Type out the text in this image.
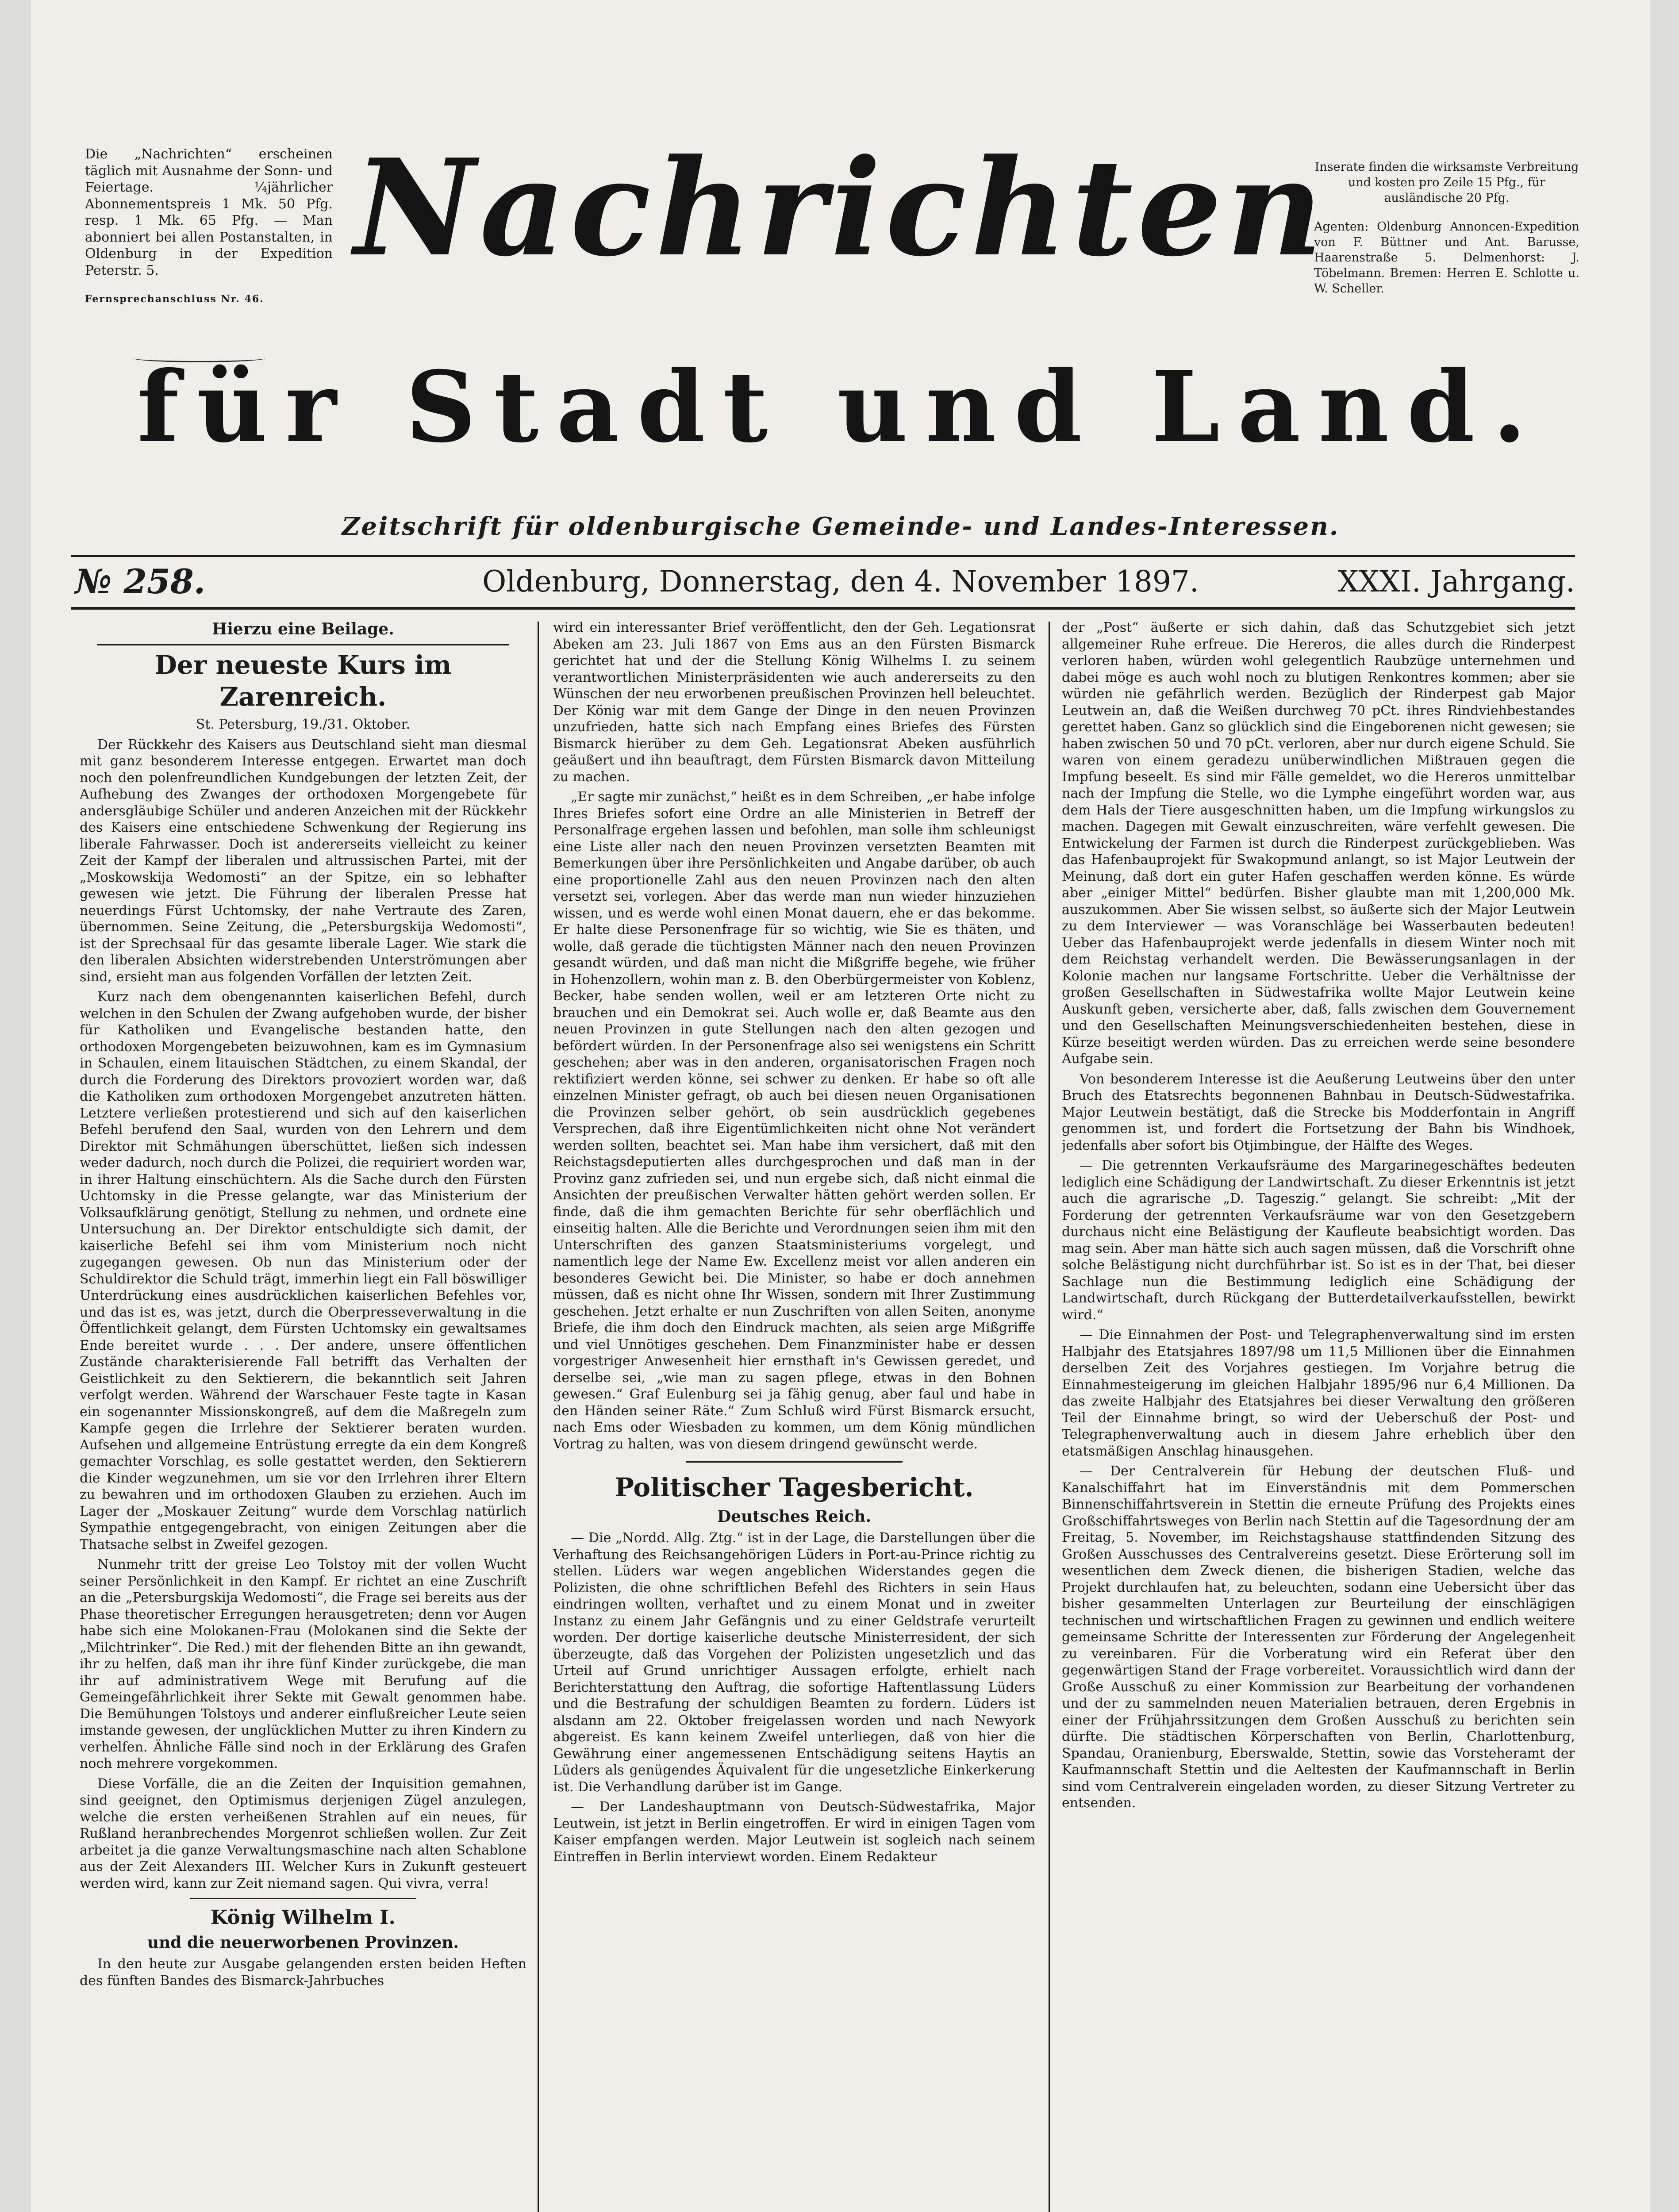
Die „Nachrichten“ erscheinen täglich mit Ausnahme der Sonn- und Feiertage. ¼jährlicher Abonnementspreis 1 Mk. 50 Pfg. resp. 1 Mk. 65 Pfg. — Man abonniert bei allen Postanstalten, in Oldenburg in der Expedition Peterstr. 5.

Fernsprechanschluss Nr. 46.

Inserate finden die wirksamste Verbreitung und kosten pro Zeile 15 Pfg., für ausländische 20 Pfg.

Agenten: Oldenburg Annoncen-Expedition von F. Büttner und Ant. Barusse, Haarenstraße 5. Delmenhorst: J. Töbelmann. Bremen: Herren E. Schlotte u. W. Scheller.

Nachrichten
für Stadt und Land.
Zeitschrift für oldenburgische Gemeinde- und Landes-Interessen.
№ 258.	Oldenburg, Donnerstag, den 4. November 1897.	XXXI. Jahrgang.
Hierzu eine Beilage.
Der neueste Kurs im Zarenreich.

St. Petersburg, 19./31. Oktober.

Der Rückkehr des Kaisers aus Deutschland sieht man diesmal mit ganz besonderem Interesse entgegen. Erwartet man doch noch den polenfreundlichen Kundgebungen der letzten Zeit, der Aufhebung des Zwanges der orthodoxen Morgengebete für andersgläubige Schüler und anderen Anzeichen mit der Rückkehr des Kaisers eine entschiedene Schwenkung der Regierung ins liberale Fahrwasser. Doch ist andererseits vielleicht zu keiner Zeit der Kampf der liberalen und altrussischen Partei, mit der „Moskowskija Wedomosti“ an der Spitze, ein so lebhafter gewesen wie jetzt. Die Führung der liberalen Presse hat neuerdings Fürst Uchtomsky, der nahe Vertraute des Zaren, übernommen. Seine Zeitung, die „Petersburgskija Wedomosti“, ist der Sprechsaal für das gesamte liberale Lager. Wie stark die den liberalen Absichten widerstrebenden Unterströmungen aber sind, ersieht man aus folgenden Vorfällen der letzten Zeit.

Kurz nach dem obengenannten kaiserlichen Befehl, durch welchen in den Schulen der Zwang aufgehoben wurde, der bisher für Katholiken und Evangelische bestanden hatte, den orthodoxen Morgengebeten beizuwohnen, kam es im Gymnasium in Schaulen, einem litauischen Städtchen, zu einem Skandal, der durch die Forderung des Direktors provoziert worden war, daß die Katholiken zum orthodoxen Morgengebet anzutreten hätten. Letztere verließen protestierend und sich auf den kaiserlichen Befehl berufend den Saal, wurden von den Lehrern und dem Direktor mit Schmähungen überschüttet, ließen sich indessen weder dadurch, noch durch die Polizei, die requiriert worden war, in ihrer Haltung einschüchtern. Als die Sache durch den Fürsten Uchtomsky in die Presse gelangte, war das Ministerium der Volksaufklärung genötigt, Stellung zu nehmen, und ordnete eine Untersuchung an. Der Direktor entschuldigte sich damit, der kaiserliche Befehl sei ihm vom Ministerium noch nicht zugegangen gewesen. Ob nun das Ministerium oder der Schuldirektor die Schuld trägt, immerhin liegt ein Fall böswilliger Unterdrückung eines ausdrücklichen kaiserlichen Befehles vor, und das ist es, was jetzt, durch die Oberpresseverwaltung in die Öffentlichkeit gelangt, dem Fürsten Uchtomsky ein gewaltsames Ende bereitet wurde . . . Der andere, unsere öffentlichen Zustände charakterisierende Fall betrifft das Verhalten der Geistlichkeit zu den Sektierern, die bekanntlich seit Jahren verfolgt werden. Während der Warschauer Feste tagte in Kasan ein sogenannter Missionskongreß, auf dem die Maßregeln zum Kampfe gegen die Irrlehre der Sektierer beraten wurden. Aufsehen und allgemeine Entrüstung erregte da ein dem Kongreß gemachter Vorschlag, es solle gestattet werden, den Sektierern die Kinder wegzunehmen, um sie vor den Irrlehren ihrer Eltern zu bewahren und im orthodoxen Glauben zu erziehen. Auch im Lager der „Moskauer Zeitung“ wurde dem Vorschlag natürlich Sympathie entgegengebracht, von einigen Zeitungen aber die Thatsache selbst in Zweifel gezogen.

Nunmehr tritt der greise Leo Tolstoy mit der vollen Wucht seiner Persönlichkeit in den Kampf. Er richtet an eine Zuschrift an die „Petersburgskija Wedomosti“, die Frage sei bereits aus der Phase theoretischer Erregungen herausgetreten; denn vor Augen habe sich eine Molokanen-Frau (Molokanen sind die Sekte der „Milchtrinker“. Die Red.) mit der flehenden Bitte an ihn gewandt, ihr zu helfen, daß man ihr ihre fünf Kinder zurückgebe, die man ihr auf administrativem Wege mit Berufung auf die Gemeingefährlichkeit ihrer Sekte mit Gewalt genommen habe. Die Bemühungen Tolstoys und anderer einflußreicher Leute seien imstande gewesen, der unglücklichen Mutter zu ihren Kindern zu verhelfen. Ähnliche Fälle sind noch in der Erklärung des Grafen noch mehrere vorgekommen.

Diese Vorfälle, die an die Zeiten der Inquisition gemahnen, sind geeignet, den Optimismus derjenigen Zügel anzulegen, welche die ersten verheißenen Strahlen auf ein neues, für Rußland heranbrechendes Morgenrot schließen wollen. Zur Zeit arbeitet ja die ganze Verwaltungsmaschine nach alten Schablone aus der Zeit Alexanders III. Welcher Kurs in Zukunft gesteuert werden wird, kann zur Zeit niemand sagen. Qui vivra, verra!

König Wilhelm I.
und die neuerworbenen Provinzen.

In den heute zur Ausgabe gelangenden ersten beiden Heften des fünften Bandes des Bismarck-Jahrbuches

wird ein interessanter Brief veröffentlicht, den der Geh. Legationsrat Abeken am 23. Juli 1867 von Ems aus an den Fürsten Bismarck gerichtet hat und der die Stellung König Wilhelms I. zu seinem verantwortlichen Ministerpräsidenten wie auch andererseits zu den Wünschen der neu erworbenen preußischen Provinzen hell beleuchtet. Der König war mit dem Gange der Dinge in den neuen Provinzen unzufrieden, hatte sich nach Empfang eines Briefes des Fürsten Bismarck hierüber zu dem Geh. Legationsrat Abeken ausführlich geäußert und ihn beauftragt, dem Fürsten Bismarck davon Mitteilung zu machen.

„Er sagte mir zunächst,“ heißt es in dem Schreiben, „er habe infolge Ihres Briefes sofort eine Ordre an alle Ministerien in Betreff der Personalfrage ergehen lassen und befohlen, man solle ihm schleunigst eine Liste aller nach den neuen Provinzen versetzten Beamten mit Bemerkungen über ihre Persönlichkeiten und Angabe darüber, ob auch eine proportionelle Zahl aus den neuen Provinzen nach den alten versetzt sei, vorlegen. Aber das werde man nun wieder hinzuziehen wissen, und es werde wohl einen Monat dauern, ehe er das bekomme. Er halte diese Personenfrage für so wichtig, wie Sie es thäten, und wolle, daß gerade die tüchtigsten Männer nach den neuen Provinzen gesandt würden, und daß man nicht die Mißgriffe begehe, wie früher in Hohenzollern, wohin man z. B. den Oberbürgermeister von Koblenz, Becker, habe senden wollen, weil er am letzteren Orte nicht zu brauchen und ein Demokrat sei. Auch wolle er, daß Beamte aus den neuen Provinzen in gute Stellungen nach den alten gezogen und befördert würden. In der Personenfrage also sei wenigstens ein Schritt geschehen; aber was in den anderen, organisatorischen Fragen noch rektifiziert werden könne, sei schwer zu denken. Er habe so oft alle einzelnen Minister gefragt, ob auch bei diesen neuen Organisationen die Provinzen selber gehört, ob sein ausdrücklich gegebenes Versprechen, daß ihre Eigentümlichkeiten nicht ohne Not verändert werden sollten, beachtet sei. Man habe ihm versichert, daß mit den Reichstagsdeputierten alles durchgesprochen und daß man in der Provinz ganz zufrieden sei, und nun ergebe sich, daß nicht einmal die Ansichten der preußischen Verwalter hätten gehört werden sollen. Er finde, daß die ihm gemachten Berichte für sehr oberflächlich und einseitig halten. Alle die Berichte und Verordnungen seien ihm mit den Unterschriften des ganzen Staatsministeriums vorgelegt, und namentlich lege der Name Ew. Excellenz meist vor allen anderen ein besonderes Gewicht bei. Die Minister, so habe er doch annehmen müssen, daß es nicht ohne Ihr Wissen, sondern mit Ihrer Zustimmung geschehen. Jetzt erhalte er nun Zuschriften von allen Seiten, anonyme Briefe, die ihm doch den Eindruck machten, als seien arge Mißgriffe und viel Unnötiges geschehen. Dem Finanzminister habe er dessen vorgestriger Anwesenheit hier ernsthaft in's Gewissen geredet, und derselbe sei, „wie man zu sagen pflege, etwas in den Bohnen gewesen.“ Graf Eulenburg sei ja fähig genug, aber faul und habe in den Händen seiner Räte.“ Zum Schluß wird Fürst Bismarck ersucht, nach Ems oder Wiesbaden zu kommen, um dem König mündlichen Vortrag zu halten, was von diesem dringend gewünscht werde.

Politischer Tagesbericht.
Deutsches Reich.

— Die „Nordd. Allg. Ztg.“ ist in der Lage, die Darstellungen über die Verhaftung des Reichsangehörigen Lüders in Port-au-Prince richtig zu stellen. Lüders war wegen angeblichen Widerstandes gegen die Polizisten, die ohne schriftlichen Befehl des Richters in sein Haus eindringen wollten, verhaftet und zu einem Monat und in zweiter Instanz zu einem Jahr Gefängnis und zu einer Geldstrafe verurteilt worden. Der dortige kaiserliche deutsche Ministerresident, der sich überzeugte, daß das Vorgehen der Polizisten ungesetzlich und das Urteil auf Grund unrichtiger Aussagen erfolgte, erhielt nach Berichterstattung den Auftrag, die sofortige Haftentlassung Lüders und die Bestrafung der schuldigen Beamten zu fordern. Lüders ist alsdann am 22. Oktober freigelassen worden und nach Newyork abgereist. Es kann keinem Zweifel unterliegen, daß von hier die Gewährung einer angemessenen Entschädigung seitens Haytis an Lüders als genügendes Äquivalent für die ungesetzliche Einkerkerung ist. Die Verhandlung darüber ist im Gange.

— Der Landeshauptmann von Deutsch-Südwestafrika, Major Leutwein, ist jetzt in Berlin eingetroffen. Er wird in einigen Tagen vom Kaiser empfangen werden. Major Leutwein ist sogleich nach seinem Eintreffen in Berlin interviewt worden. Einem Redakteur

der „Post“ äußerte er sich dahin, daß das Schutzgebiet sich jetzt allgemeiner Ruhe erfreue. Die Hereros, die alles durch die Rinderpest verloren haben, würden wohl gelegentlich Raubzüge unternehmen und dabei möge es auch wohl noch zu blutigen Renkontres kommen; aber sie würden nie gefährlich werden. Bezüglich der Rinderpest gab Major Leutwein an, daß die Weißen durchweg 70 pCt. ihres Rindviehbestandes gerettet haben. Ganz so glücklich sind die Eingeborenen nicht gewesen; sie haben zwischen 50 und 70 pCt. verloren, aber nur durch eigene Schuld. Sie waren von einem geradezu unüberwindlichen Mißtrauen gegen die Impfung beseelt. Es sind mir Fälle gemeldet, wo die Hereros unmittelbar nach der Impfung die Stelle, wo die Lymphe eingeführt worden war, aus dem Hals der Tiere ausgeschnitten haben, um die Impfung wirkungslos zu machen. Dagegen mit Gewalt einzuschreiten, wäre verfehlt gewesen. Die Entwickelung der Farmen ist durch die Rinderpest zurückgeblieben. Was das Hafenbauprojekt für Swakopmund anlangt, so ist Major Leutwein der Meinung, daß dort ein guter Hafen geschaffen werden könne. Es würde aber „einiger Mittel“ bedürfen. Bisher glaubte man mit 1,200,000 Mk. auszukommen. Aber Sie wissen selbst, so äußerte sich der Major Leutwein zu dem Interviewer — was Voranschläge bei Wasserbauten bedeuten! Ueber das Hafenbauprojekt werde jedenfalls in diesem Winter noch mit dem Reichstag verhandelt werden. Die Bewässerungsanlagen in der Kolonie machen nur langsame Fortschritte. Ueber die Verhältnisse der großen Gesellschaften in Südwestafrika wollte Major Leutwein keine Auskunft geben, versicherte aber, daß, falls zwischen dem Gouvernement und den Gesellschaften Meinungsverschiedenheiten bestehen, diese in Kürze beseitigt werden würden. Das zu erreichen werde seine besondere Aufgabe sein.

Von besonderem Interesse ist die Aeußerung Leutweins über den unter Bruch des Etatsrechts begonnenen Bahnbau in Deutsch-Südwestafrika. Major Leutwein bestätigt, daß die Strecke bis Modderfontain in Angriff genommen ist, und fordert die Fortsetzung der Bahn bis Windhoek, jedenfalls aber sofort bis Otjimbingue, der Hälfte des Weges.

— Die getrennten Verkaufsräume des Margarinegeschäftes bedeuten lediglich eine Schädigung der Landwirtschaft. Zu dieser Erkenntnis ist jetzt auch die agrarische „D. Tageszig.“ gelangt. Sie schreibt: „Mit der Forderung der getrennten Verkaufsräume war von den Gesetzgebern durchaus nicht eine Belästigung der Kaufleute beabsichtigt worden. Das mag sein. Aber man hätte sich auch sagen müssen, daß die Vorschrift ohne solche Belästigung nicht durchführbar ist. So ist es in der That, bei dieser Sachlage nun die Bestimmung lediglich eine Schädigung der Landwirtschaft, durch Rückgang der Butterdetailverkaufsstellen, bewirkt wird.“

— Die Einnahmen der Post- und Telegraphenverwaltung sind im ersten Halbjahr des Etatsjahres 1897/98 um 11,5 Millionen über die Einnahmen derselben Zeit des Vorjahres gestiegen. Im Vorjahre betrug die Einnahmesteigerung im gleichen Halbjahr 1895/96 nur 6,4 Millionen. Da das zweite Halbjahr des Etatsjahres bei dieser Verwaltung den größeren Teil der Einnahme bringt, so wird der Ueberschuß der Post- und Telegraphenverwaltung auch in diesem Jahre erheblich über den etatsmäßigen Anschlag hinausgehen.

— Der Centralverein für Hebung der deutschen Fluß- und Kanalschiffahrt hat im Einverständnis mit dem Pommerschen Binnenschiffahrtsverein in Stettin die erneute Prüfung des Projekts eines Großschiffahrtsweges von Berlin nach Stettin auf die Tagesordnung der am Freitag, 5. November, im Reichstagshause stattfindenden Sitzung des Großen Ausschusses des Centralvereins gesetzt. Diese Erörterung soll im wesentlichen dem Zweck dienen, die bisherigen Stadien, welche das Projekt durchlaufen hat, zu beleuchten, sodann eine Uebersicht über das bisher gesammelten Unterlagen zur Beurteilung der einschlägigen technischen und wirtschaftlichen Fragen zu gewinnen und endlich weitere gemeinsame Schritte der Interessenten zur Förderung der Angelegenheit zu vereinbaren. Für die Vorberatung wird ein Referat über den gegenwärtigen Stand der Frage vorbereitet. Voraussichtlich wird dann der Große Ausschuß zu einer Kommission zur Bearbeitung der vorhandenen und der zu sammelnden neuen Materialien betrauen, deren Ergebnis in einer der Frühjahrssitzungen dem Großen Ausschuß zu berichten sein dürfte. Die städtischen Körperschaften von Berlin, Charlottenburg, Spandau, Oranienburg, Eberswalde, Stettin, sowie das Vorsteheramt der Kaufmannschaft Stettin und die Aeltesten der Kaufmannschaft in Berlin sind vom Centralverein eingeladen worden, zu dieser Sitzung Vertreter zu entsenden.
